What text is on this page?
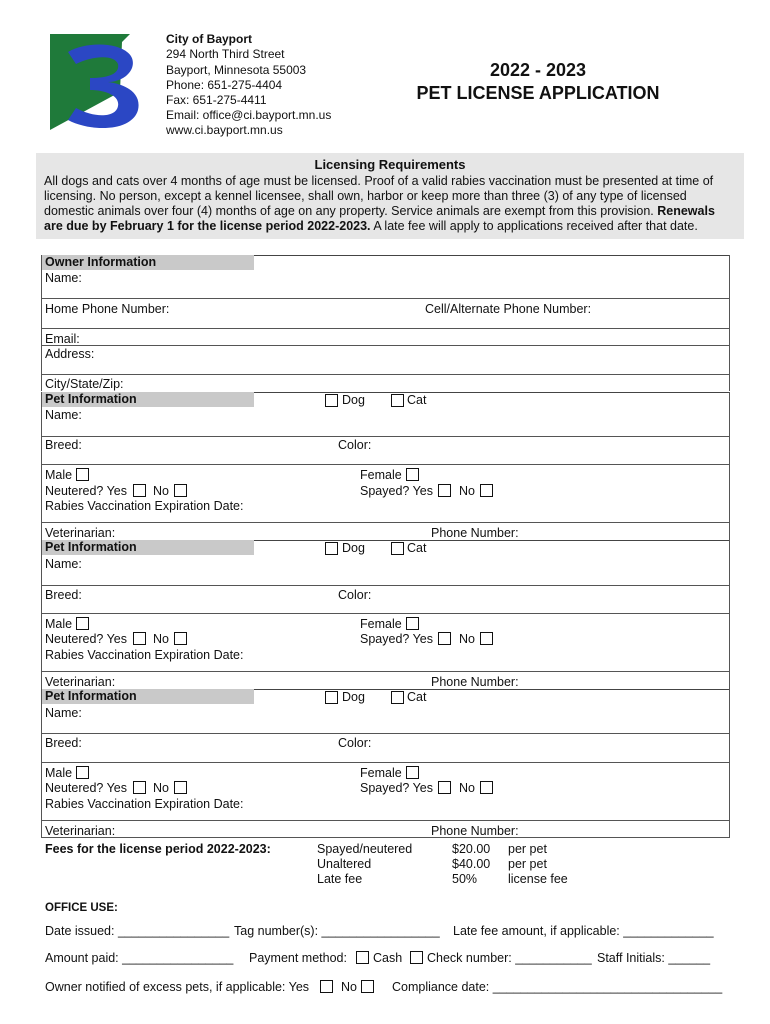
City of Bayport
294 North Third Street
Bayport, Minnesota 55003
Phone: 651-275-4404
Fax: 651-275-4411
Email: office@ci.bayport.mn.us
www.ci.bayport.mn.us
2022 - 2023
PET LICENSE APPLICATION
Licensing Requirements
All dogs and cats over 4 months of age must be licensed. Proof of a valid rabies vaccination must be presented at time of
licensing. No person, except a kennel licensee, shall own, harbor or keep more than three (3) of any type of licensed
domestic animals over four (4) months of age on any property. Service animals are exempt from this provision. Renewals
are due by February 1 for the license period 2022-2023. A late fee will apply to applications received after that date.
Owner Information
Name:
Home Phone Number:	Cell/Alternate Phone Number:
Email:
Address:
City/State/Zip:
Pet Information	Dog	Cat
Name:
Breed:	Color:
Male	Female
Neutered? Yes No	Spayed? Yes No
Rabies Vaccination Expiration Date:
Veterinarian:	Phone Number:
Pet Information	Dog	Cat
Name:
Breed:	Color:
Male	Female
Neutered? Yes No	Spayed? Yes No
Rabies Vaccination Expiration Date:
Veterinarian:	Phone Number:
Pet Information	Dog	Cat
Name:
Breed:	Color:
Male	Female
Neutered? Yes No	Spayed? Yes No
Rabies Vaccination Expiration Date:
Veterinarian:	Phone Number:
Fees for the license period 2022-2023:	Spayed/neutered	$20.00 per pet
Unaltered	$40.00 per pet
Late fee	50% license fee
OFFICE USE:
Date issued: ________________ Tag number(s): _________________ Late fee amount, if applicable: _____________
Amount paid: ________________ Payment method: Cash Check number: ___________ Staff Initials: ______
Owner notified of excess pets, if applicable: Yes	No	Compliance date: _________________________________
